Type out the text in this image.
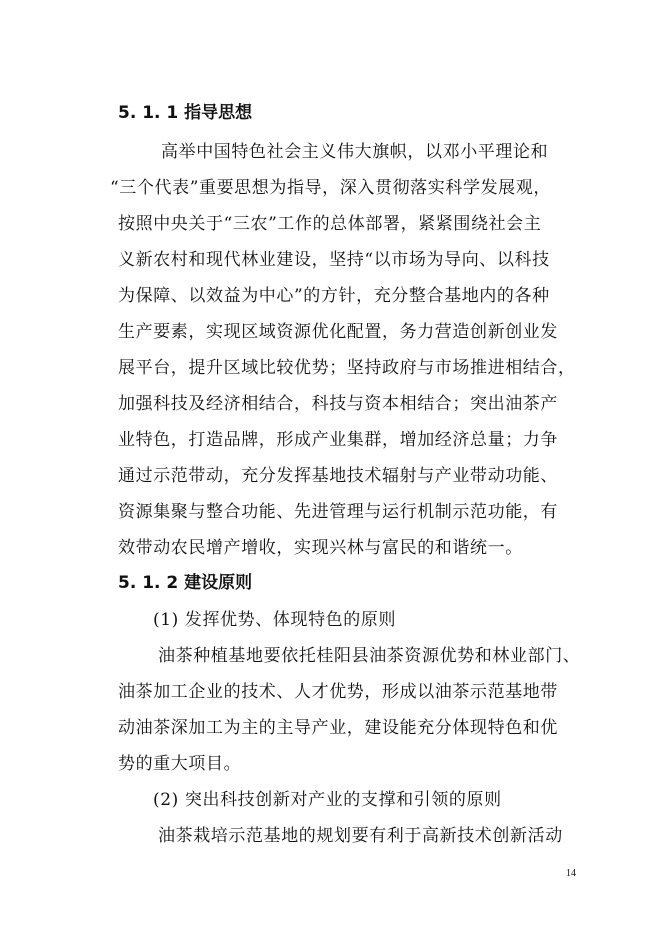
5. 1. 1 指导思想
高举中国特色社会主义伟大旗帜，以邓小平理论和
“三个代表”重要思想为指导，深入贯彻落实科学发展观，
按照中央关于“三农”工作的总体部署，紧紧围绕社会主
义新农村和现代林业建设，坚持“以市场为导向、以科技
为保障、以效益为中心”的方针，充分整合基地内的各种
生产要素，实现区域资源优化配置，务力营造创新创业发
展平台，提升区域比较优势；坚持政府与市场推进相结合，
加强科技及经济相结合，科技与资本相结合；突出油茶产
业特色，打造品牌，形成产业集群，增加经济总量；力争
通过示范带动，充分发挥基地技术辐射与产业带动功能、
资源集聚与整合功能、先进管理与运行机制示范功能，有
效带动农民增产增收，实现兴林与富民的和谐统一。
5. 1. 2 建设原则
(1) 发挥优势、体现特色的原则
油茶种植基地要依托桂阳县油茶资源优势和林业部门、
油茶加工企业的技术、人才优势，形成以油茶示范基地带
动油茶深加工为主的主导产业，建设能充分体现特色和优
势的重大项目。
(2) 突出科技创新对产业的支撑和引领的原则
油茶栽培示范基地的规划要有利于高新技术创新活动
14
